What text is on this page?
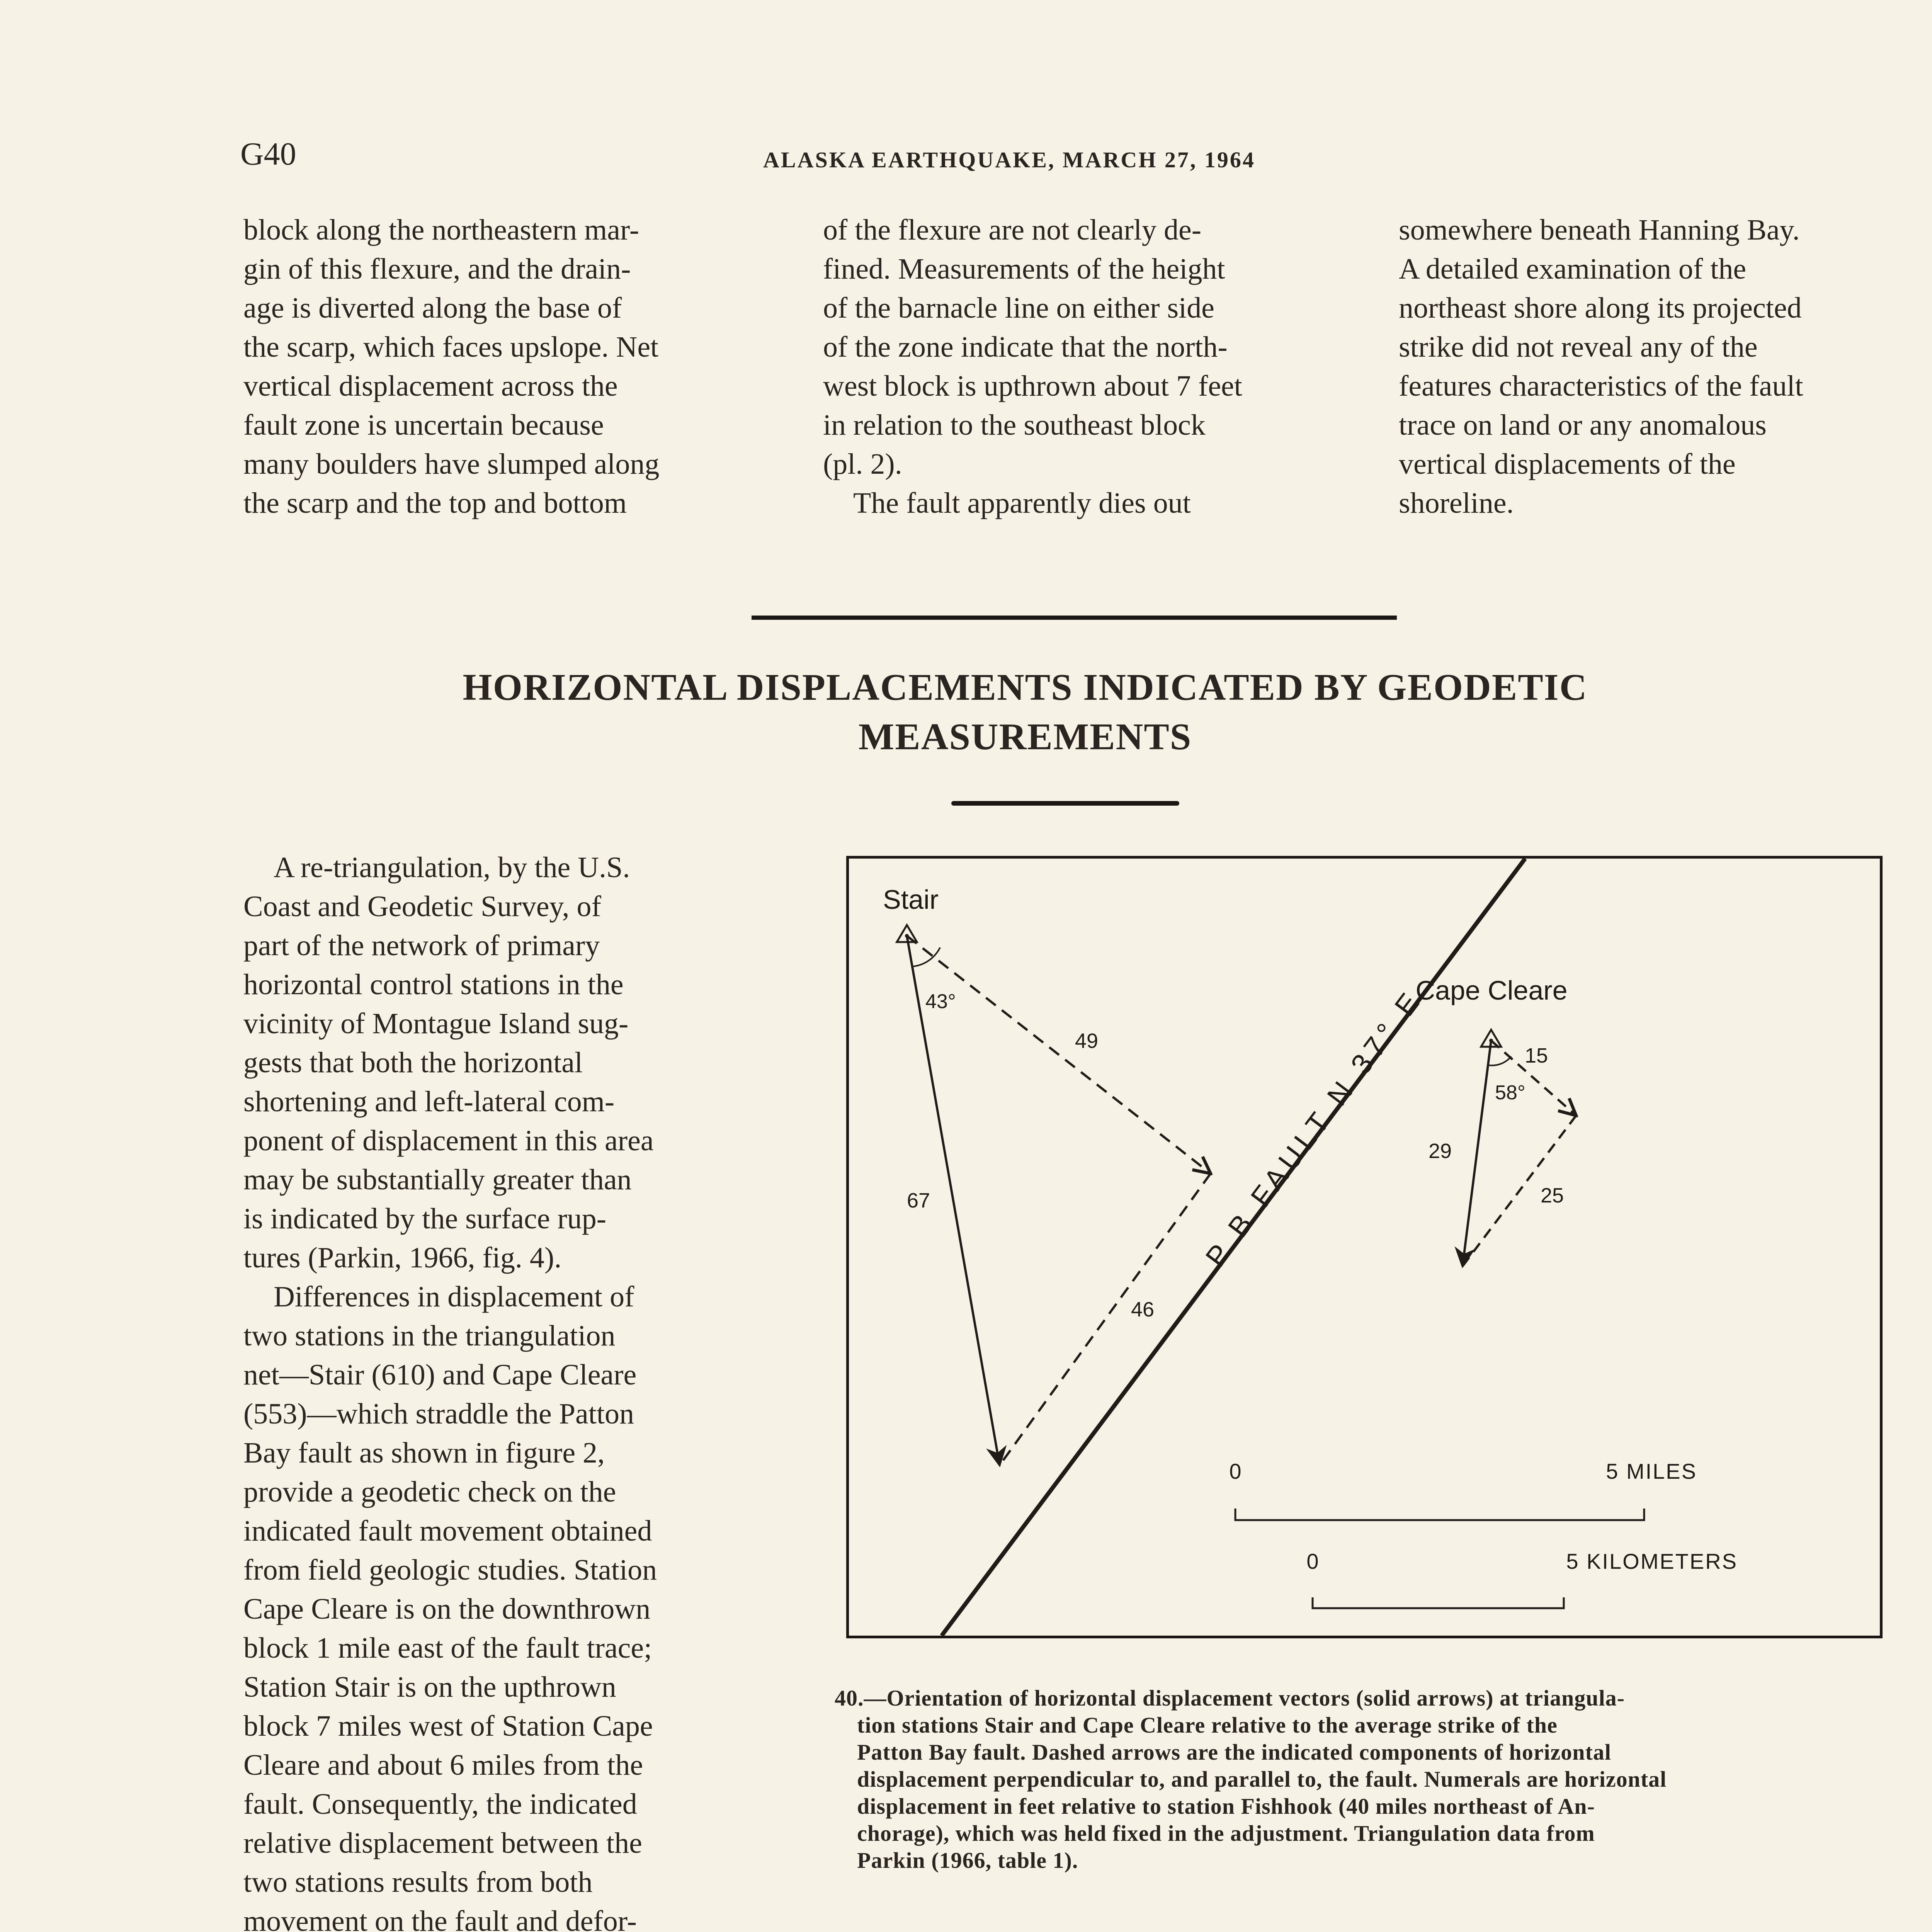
G40	ALASKA EARTHQUAKE, MARCH 27, 1964

block along the northeastern mar-

gin of this flexure, and the drain-

age is diverted along the base of

the scarp, which faces upslope. Net

vertical displacement across the

fault zone is uncertain because

many boulders have slumped along

the scarp and the top and bottom

of the flexure are not clearly de-

fined. Measurements of the height

of the barnacle line on either side

of the zone indicate that the north-

west block is upthrown about 7 feet

in relation to the southeast block

(pl. 2).

The fault apparently dies out

somewhere beneath Hanning Bay.

A detailed examination of the

northeast shore along its projected

strike did not reveal any of the

features characteristics of the fault

trace on land or any anomalous

vertical displacements of the

shoreline.

HORIZONTAL DISPLACEMENTS INDICATED BY GEODETIC
MEASUREMENTS

A re-triangulation, by the U.S.

Coast and Geodetic Survey, of

part of the network of primary

horizontal control stations in the

vicinity of Montague Island sug-

gests that both the horizontal

shortening and left-lateral com-

ponent of displacement in this area

may be substantially greater than

is indicated by the surface rup-

tures (Parkin, 1966, fig. 4).

Differences in displacement of

two stations in the triangulation

net—Stair (610) and Cape Cleare

(553)—which straddle the Patton

Bay fault as shown in figure 2,

provide a geodetic check on the

indicated fault movement obtained

from field geologic studies. Station

Cape Cleare is on the downthrown

block 1 mile east of the fault trace;

Station Stair is on the upthrown

block 7 miles west of Station Cape

Cleare and about 6 miles from the

fault. Consequently, the indicated

relative displacement between the

two stations results from both

movement on the fault and defor-

Stair
Cape Cleare
43°
49
67
46
58°
15
29
25
P B FAULT N 37° E
0	5 MILES
0	5 KILOMETERS

40.—Orientation of horizontal displacement vectors (solid arrows) at triangula-

tion stations Stair and Cape Cleare relative to the average strike of the

Patton Bay fault. Dashed arrows are the indicated components of horizontal

displacement perpendicular to, and parallel to, the fault. Numerals are horizontal

displacement in feet relative to station Fishhook (40 miles northeast of An-

chorage), which was held fixed in the adjustment. Triangulation data from

Parkin (1966, table 1).
